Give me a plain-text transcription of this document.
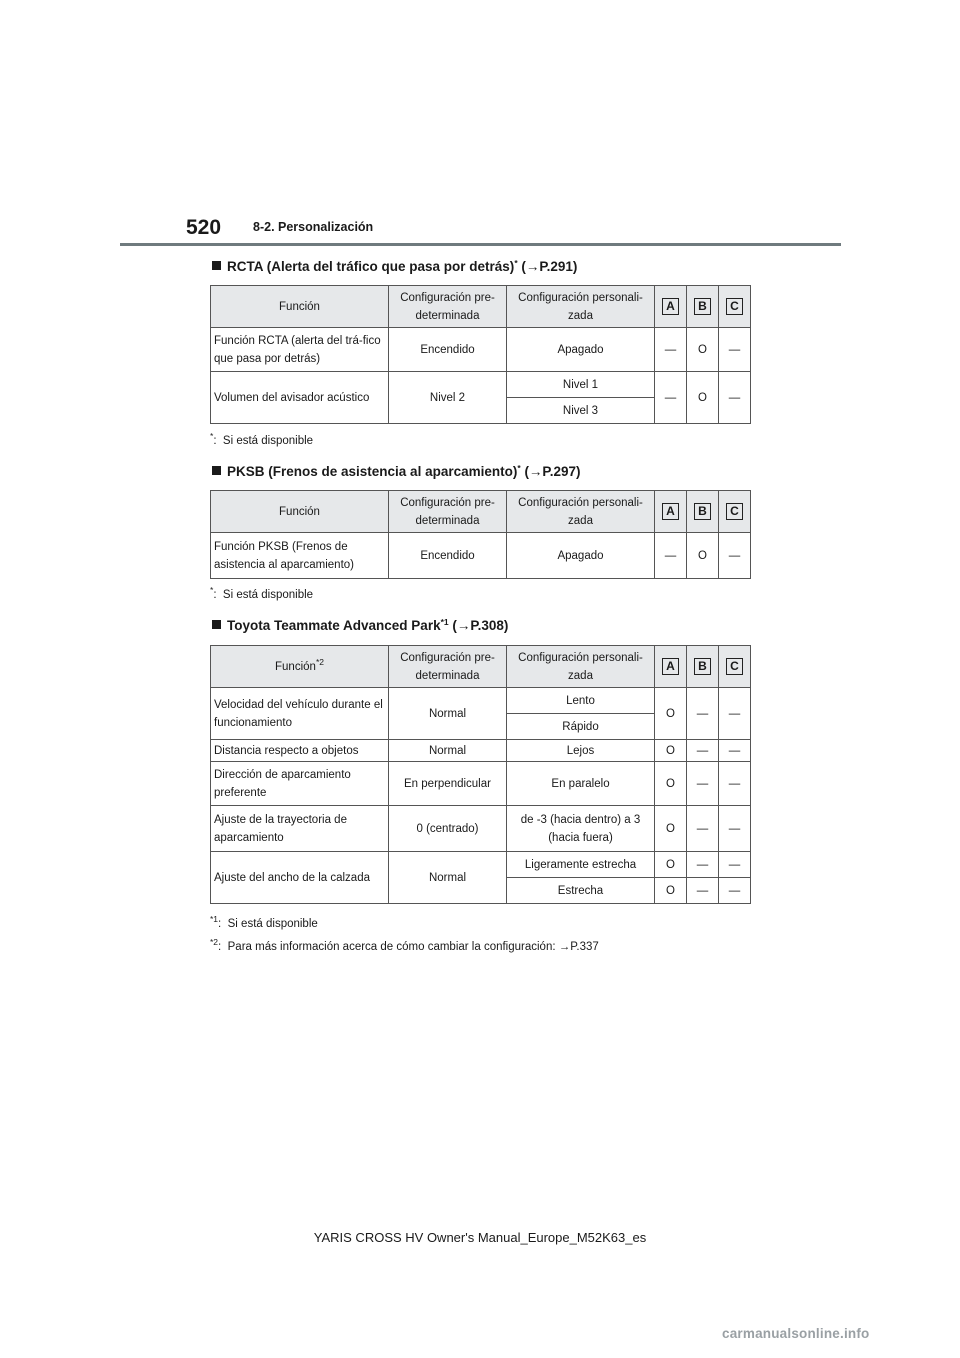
520	8-2. Personalización
RCTA (Alerta del tráfico que pasa por detrás)* (→P.291)
Función	Configuración pre-determinada	Configuración personali-zada	A	B	C
Función RCTA (alerta del trá-fico que pasa por detrás)	Encendido	Apagado	—	O	—
Volumen del avisador acústico	Nivel 2	Nivel 1	—	O	—
		Nivel 3			
*:  Si está disponible
PKSB (Frenos de asistencia al aparcamiento)* (→P.297)
Función	Configuración pre-determinada	Configuración personali-zada	A	B	C
Función PKSB (Frenos de asistencia al aparcamiento)	Encendido	Apagado	—	O	—
*:  Si está disponible
Toyota Teammate Advanced Park$^{*1}$ (→P.308)
Función$^{*2}$	Configuración pre-determinada	Configuración personali-zada	A	B	C
Velocidad del vehículo durante el funcionamiento	Normal	Lento	O	—	—
		Rápido			
Distancia respecto a objetos	Normal	Lejos	O	—	—
Dirección de aparcamiento preferente	En perpendicular	En paralelo	O	—	—
Ajuste de la trayectoria de aparcamiento	0 (centrado)	de -3 (hacia dentro) a 3 (hacia fuera)	O	—	—
Ajuste del ancho de la calzada	Normal	Ligeramente estrecha	O	—	—
		Estrecha	O	—	—
$^{*1}$:  Si está disponible
$^{*2}$:  Para más información acerca de cómo cambiar la configuración: →P.337
YARIS CROSS HV Owner's Manual_Europe_M52K63_es
carmanualsonline.info
